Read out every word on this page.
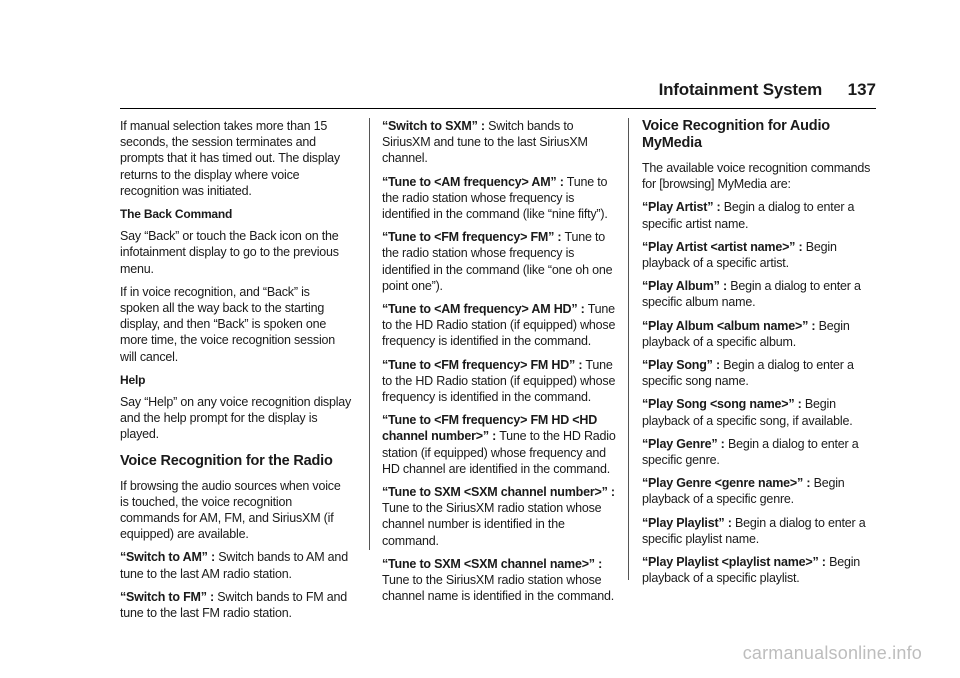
Infotainment System 137

If manual selection takes more than 15 seconds, the session terminates and prompts that it has timed out. The display returns to the display where voice recognition was initiated.

The Back Command

Say “Back” or touch the Back icon on the infotainment display to go to the previous menu.

If in voice recognition, and “Back” is spoken all the way back to the starting display, and then “Back” is spoken one more time, the voice recognition session will cancel.

Help

Say “Help” on any voice recognition display and the help prompt for the display is played.

Voice Recognition for the Radio

If browsing the audio sources when voice is touched, the voice recognition commands for AM, FM, and SiriusXM (if equipped) are available.

“Switch to AM” : Switch bands to AM and tune to the last AM radio station.

“Switch to FM” : Switch bands to FM and tune to the last FM radio station.

“Switch to SXM” : Switch bands to SiriusXM and tune to the last SiriusXM channel.

“Tune to <AM frequency> AM” : Tune to the radio station whose frequency is identified in the command (like “nine fifty”).

“Tune to <FM frequency> FM” : Tune to the radio station whose frequency is identified in the command (like “one oh one point one”).

“Tune to <AM frequency> AM HD” : Tune to the HD Radio station (if equipped) whose frequency is identified in the command.

“Tune to <FM frequency> FM HD” : Tune to the HD Radio station (if equipped) whose frequency is identified in the command.

“Tune to <FM frequency> FM HD <HD channel number>” : Tune to the HD Radio station (if equipped) whose frequency and HD channel are identified in the command.

“Tune to SXM <SXM channel number>” : Tune to the SiriusXM radio station whose channel number is identified in the command.

“Tune to SXM <SXM channel name>” : Tune to the SiriusXM radio station whose channel name is identified in the command.

Voice Recognition for Audio MyMedia

The available voice recognition commands for [browsing] MyMedia are:

“Play Artist” : Begin a dialog to enter a specific artist name.

“Play Artist <artist name>” : Begin playback of a specific artist.

“Play Album” : Begin a dialog to enter a specific album name.

“Play Album <album name>” : Begin playback of a specific album.

“Play Song” : Begin a dialog to enter a specific song name.

“Play Song <song name>” : Begin playback of a specific song, if available.

“Play Genre” : Begin a dialog to enter a specific genre.

“Play Genre <genre name>” : Begin playback of a specific genre.

“Play Playlist” : Begin a dialog to enter a specific playlist name.

“Play Playlist <playlist name>” : Begin playback of a specific playlist.

carmanualsonline.info
